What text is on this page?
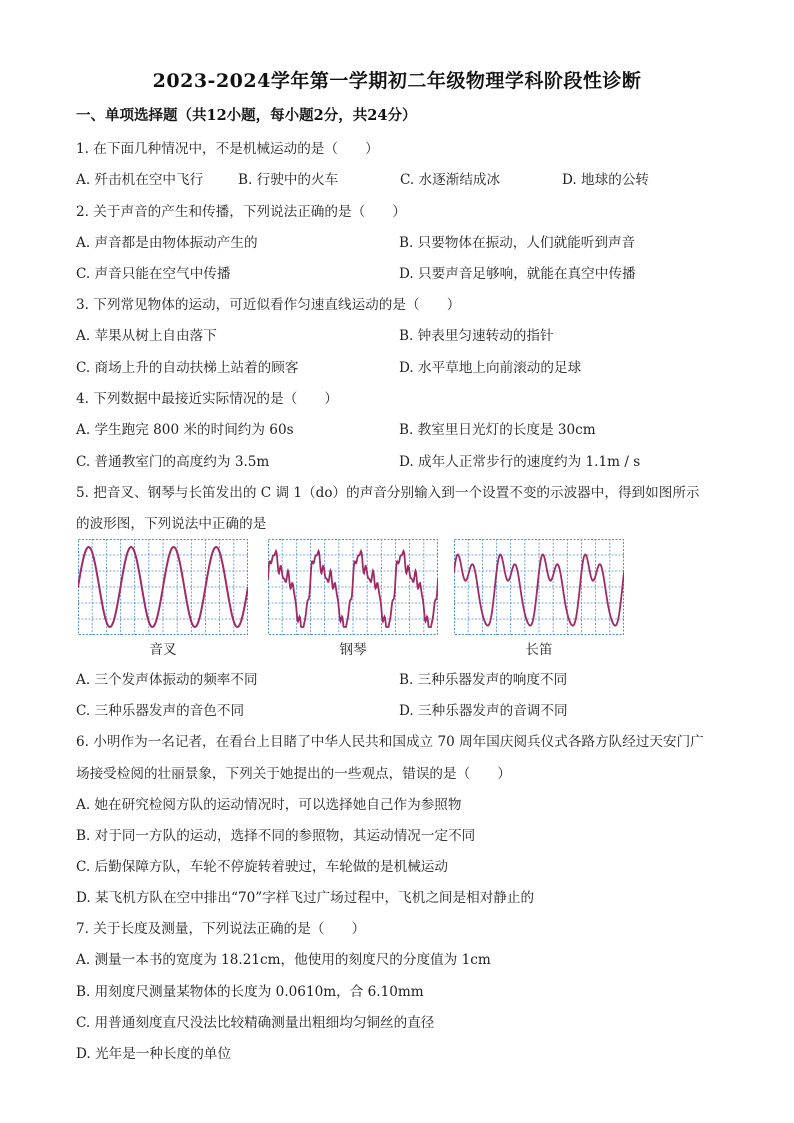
2023-2024学年第一学期初二年级物理学科阶段性诊断
一、单项选择题（共12小题，每小题2分，共24分）
1. 在下面几种情况中，不是机械运动的是（　　）
A. 歼击机在空中飞行	B. 行驶中的火车	C. 水逐渐结成冰	D. 地球的公转
2. 关于声音的产生和传播，下列说法正确的是（　　）
A. 声音都是由物体振动产生的	B. 只要物体在振动，人们就能听到声音
C. 声音只能在空气中传播	D. 只要声音足够响，就能在真空中传播
3. 下列常见物体的运动，可近似看作匀速直线运动的是（　　）
A. 苹果从树上自由落下	B. 钟表里匀速转动的指针
C. 商场上升的自动扶梯上站着的顾客	D. 水平草地上向前滚动的足球
4. 下列数据中最接近实际情况的是（　　）
A. 学生跑完 800 米的时间约为 60s	B. 教室里日光灯的长度是 30cm
C. 普通教室门的高度约为 3.5m	D. 成年人正常步行的速度约为 1.1m / s
5. 把音叉、钢琴与长笛发出的 C 调 1（do）的声音分别输入到一个设置不变的示波器中，得到如图所示
的波形图，下列说法中正确的是
音叉	钢琴	长笛
A. 三个发声体振动的频率不同	B. 三种乐器发声的响度不同
C. 三种乐器发声的音色不同	D. 三种乐器发声的音调不同
6. 小明作为一名记者，在看台上目睹了中华人民共和国成立 70 周年国庆阅兵仪式各路方队经过天安门广
场接受检阅的壮丽景象，下列关于她提出的一些观点，错误的是（　　）
A. 她在研究检阅方队的运动情况时，可以选择她自己作为参照物
B. 对于同一方队的运动，选择不同的参照物，其运动情况一定不同
C. 后勤保障方队，车轮不停旋转着驶过，车轮做的是机械运动
D. 某飞机方队在空中排出“70”字样飞过广场过程中，飞机之间是相对静止的
7. 关于长度及测量，下列说法正确的是（　　）
A. 测量一本书的宽度为 18.21cm，他使用的刻度尺的分度值为 1cm
B. 用刻度尺测量某物体的长度为 0.0610m，合 6.10mm
C. 用普通刻度直尺没法比较精确测量出粗细均匀铜丝的直径
D. 光年是一种长度的单位
